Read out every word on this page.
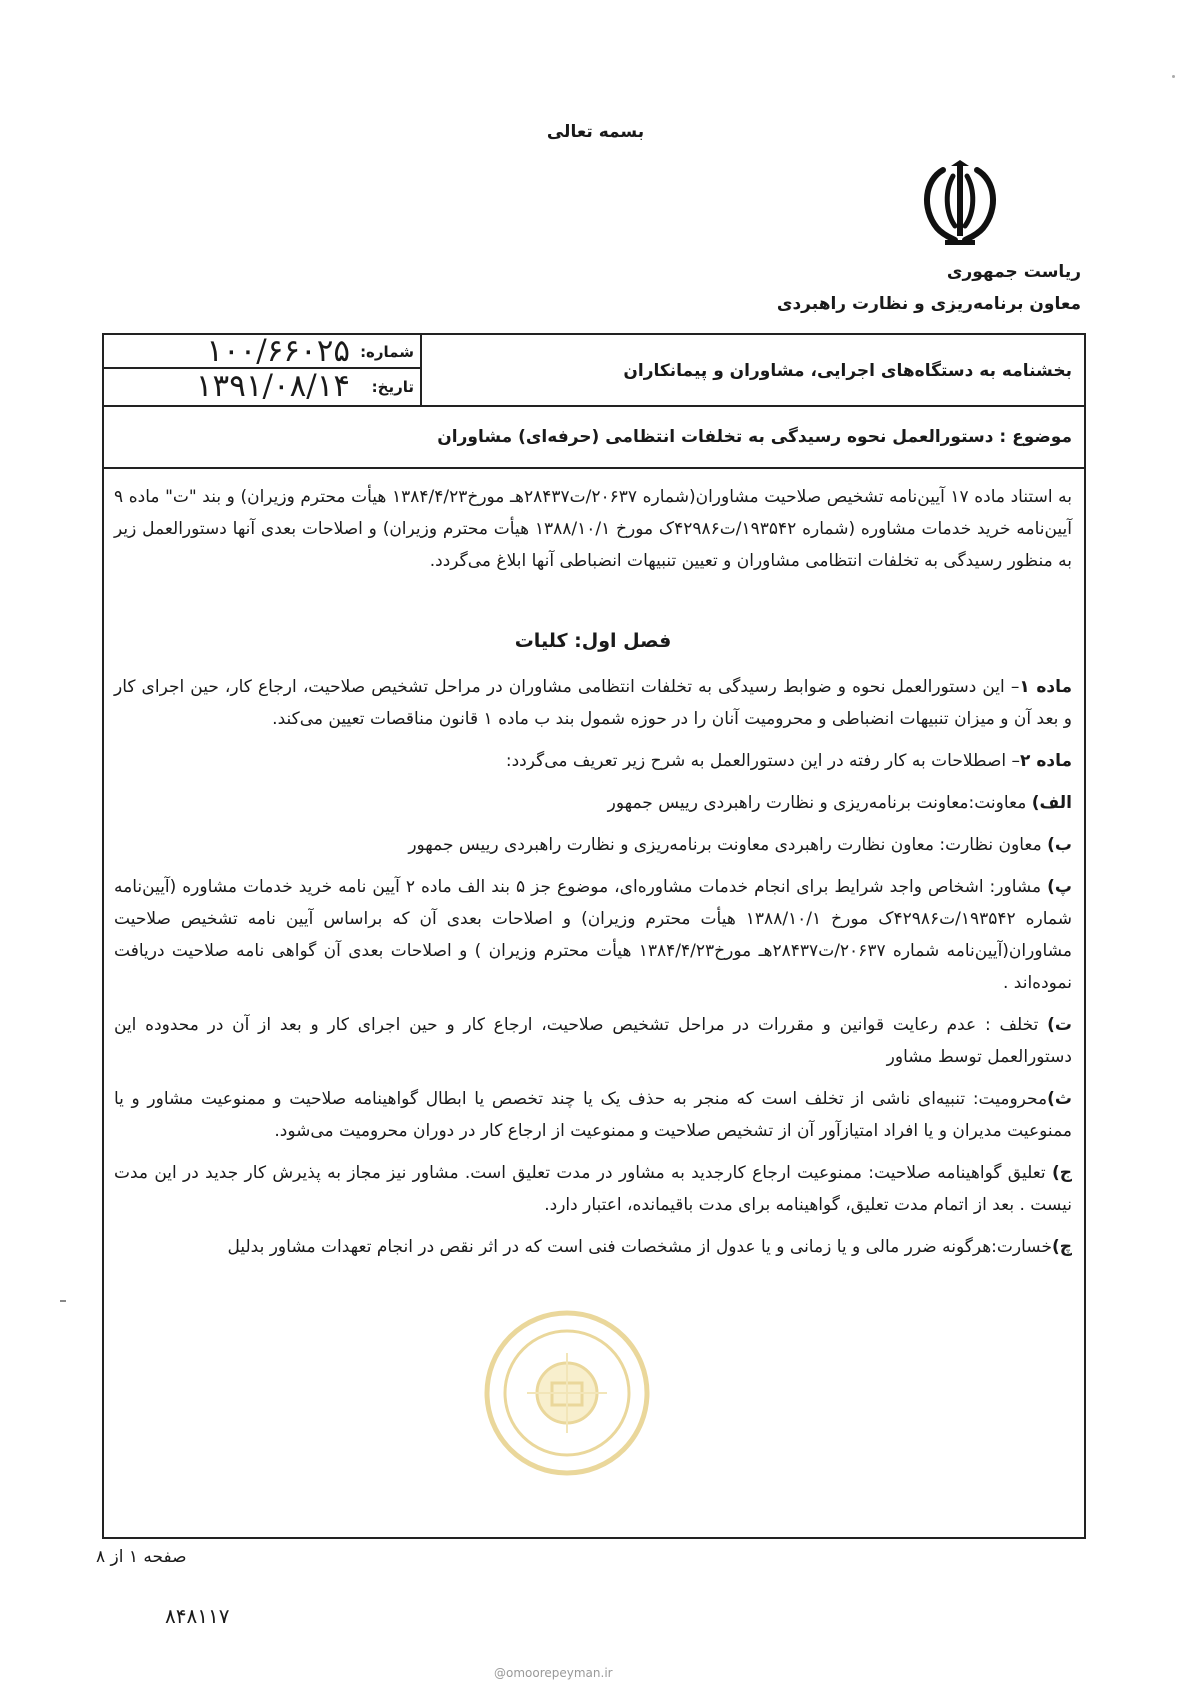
بسمه تعالی
ریاست جمهوری
معاون برنامه‌ریزی و نظارت راهبردی
بخشنامه به دستگاه‌های اجرایی، مشاوران و پیمانکاران
شماره:
۱۰۰/۶۶۰۲۵
تاریخ:
۱۳۹۱/۰۸/۱۴
موضوع : دستورالعمل نحوه رسیدگی به تخلفات انتظامی (حرفه‌ای) مشاوران

به استناد ماده ۱۷ آیین‌نامه تشخیص صلاحیت مشاوران(شماره ۲۰۶۳۷/ت۲۸۴۳۷هـ مورخ۱۳۸۴/۴/۲۳ هیأت محترم وزیران) و بند "ت" ماده ۹ آیین‌نامه خرید خدمات مشاوره (شماره ۱۹۳۵۴۲/ت۴۲۹۸۶ک مورخ ۱۳۸۸/۱۰/۱ هیأت محترم وزیران) و اصلاحات بعدی آنها دستورالعمل زیر به منظور رسیدگی به تخلفات انتظامی مشاوران و تعیین تنبیهات انضباطی آنها ابلاغ می‌گردد.

فصل اول: کلیات

ماده ۱– این دستورالعمل نحوه و ضوابط رسیدگی به تخلفات انتظامی مشاوران در مراحل تشخیص صلاحیت، ارجاع کار، حین اجرای کار و بعد آن و میزان تنبیهات انضباطی و محرومیت آنان را در حوزه شمول بند ب ماده ۱ قانون مناقصات تعیین می‌کند.

ماده ۲– اصطلاحات به کار رفته در این دستورالعمل به شرح زیر تعریف می‌گردد:

الف) معاونت:معاونت برنامه‌ریزی و نظارت راهبردی رییس جمهور

ب) معاون نظارت: معاون نظارت راهبردی معاونت برنامه‌ریزی و نظارت راهبردی رییس جمهور

پ) مشاور: اشخاص واجد شرایط برای انجام خدمات مشاوره‌ای، موضوع جز ۵ بند الف ماده ۲ آیین نامه خرید خدمات مشاوره (آیین‌نامه شماره ۱۹۳۵۴۲/ت۴۲۹۸۶ک مورخ ۱۳۸۸/۱۰/۱ هیأت محترم وزیران) و اصلاحات بعدی آن که براساس آیین نامه تشخیص صلاحیت مشاوران(آیین‌نامه شماره ۲۰۶۳۷/ت۲۸۴۳۷هـ مورخ۱۳۸۴/۴/۲۳ هیأت محترم وزیران ) و اصلاحات بعدی آن گواهی نامه صلاحیت دریافت نموده‌اند .

ت) تخلف : عدم رعایت قوانین و مقررات در مراحل تشخیص صلاحیت، ارجاع کار و حین اجرای کار و بعد از آن در محدوده این دستورالعمل توسط مشاور

ث)محرومیت: تنبیه‌ای ناشی از تخلف است که منجر به حذف یک یا چند تخصص یا ابطال گواهینامه صلاحیت و ممنوعیت مشاور و یا ممنوعیت مدیران و یا افراد امتیازآور آن از تشخیص صلاحیت و ممنوعیت از ارجاع کار در دوران محرومیت می‌شود.

ج) تعلیق گواهینامه صلاحیت: ممنوعیت ارجاع کارجدید به مشاور در مدت تعلیق است. مشاور نیز مجاز به پذیرش کار جدید در این مدت نیست . بعد از اتمام مدت تعلیق، گواهینامه برای مدت باقیمانده، اعتبار دارد.

چ)خسارت:هرگونه ضرر مالی و یا زمانی و یا عدول از مشخصات فنی است که در اثر نقص در انجام تعهدات مشاور بدلیل

صفحه ۱ از ۸
۸۴۸۱۱۷
@omoorepeyman.ir
